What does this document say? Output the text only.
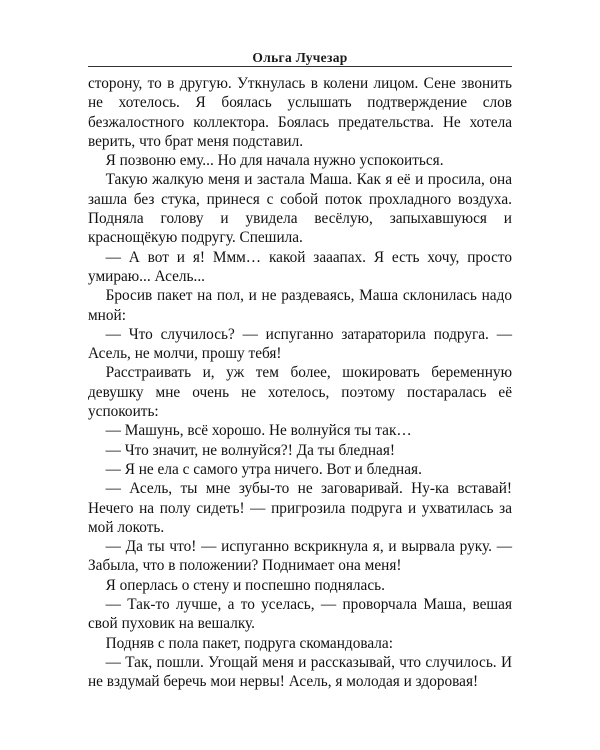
Ольга Лучезар

сторону, то в другую. Уткнулась в колени лицом. Сене звонить не хотелось. Я боялась услышать подтверждение слов безжалостного коллектора. Боялась предательства. Не хотела верить, что брат меня подставил.

Я позвоню ему... Но для начала нужно успокоиться.

Такую жалкую меня и застала Маша. Как я её и просила, она зашла без стука, принеся с собой поток прохладного воздуха. Подняла голову и увидела весёлую, запыхавшуюся и краснощёкую подругу. Спешила.

— А вот и я! Ммм… какой зааапах. Я есть хочу, просто умираю... Асель...

Бросив пакет на пол, и не раздеваясь, Маша склонилась надо мной:

— Что случилось? — испуганно затараторила подруга. — Асель, не молчи, прошу тебя!

Расстраивать и, уж тем более, шокировать беременную девушку мне очень не хотелось, поэтому постаралась её успокоить:

— Машунь, всё хорошо. Не волнуйся ты так…

— Что значит, не волнуйся?! Да ты бледная!

— Я не ела с самого утра ничего. Вот и бледная.

— Асель, ты мне зубы-то не заговаривай. Ну-ка вставай! Нечего на полу сидеть! — пригрозила подруга и ухватилась за мой локоть.

— Да ты что! — испуганно вскрикнула я, и вырвала руку. — Забыла, что в положении? Поднимает она меня!

Я оперлась о стену и поспешно поднялась.

— Так-то лучше, а то уселась, — проворчала Маша, вешая свой пуховик на вешалку.

Подняв с пола пакет, подруга скомандовала:

— Так, пошли. Угощай меня и рассказывай, что случилось. И не вздумай беречь мои нервы! Асель, я молодая и здоровая!
